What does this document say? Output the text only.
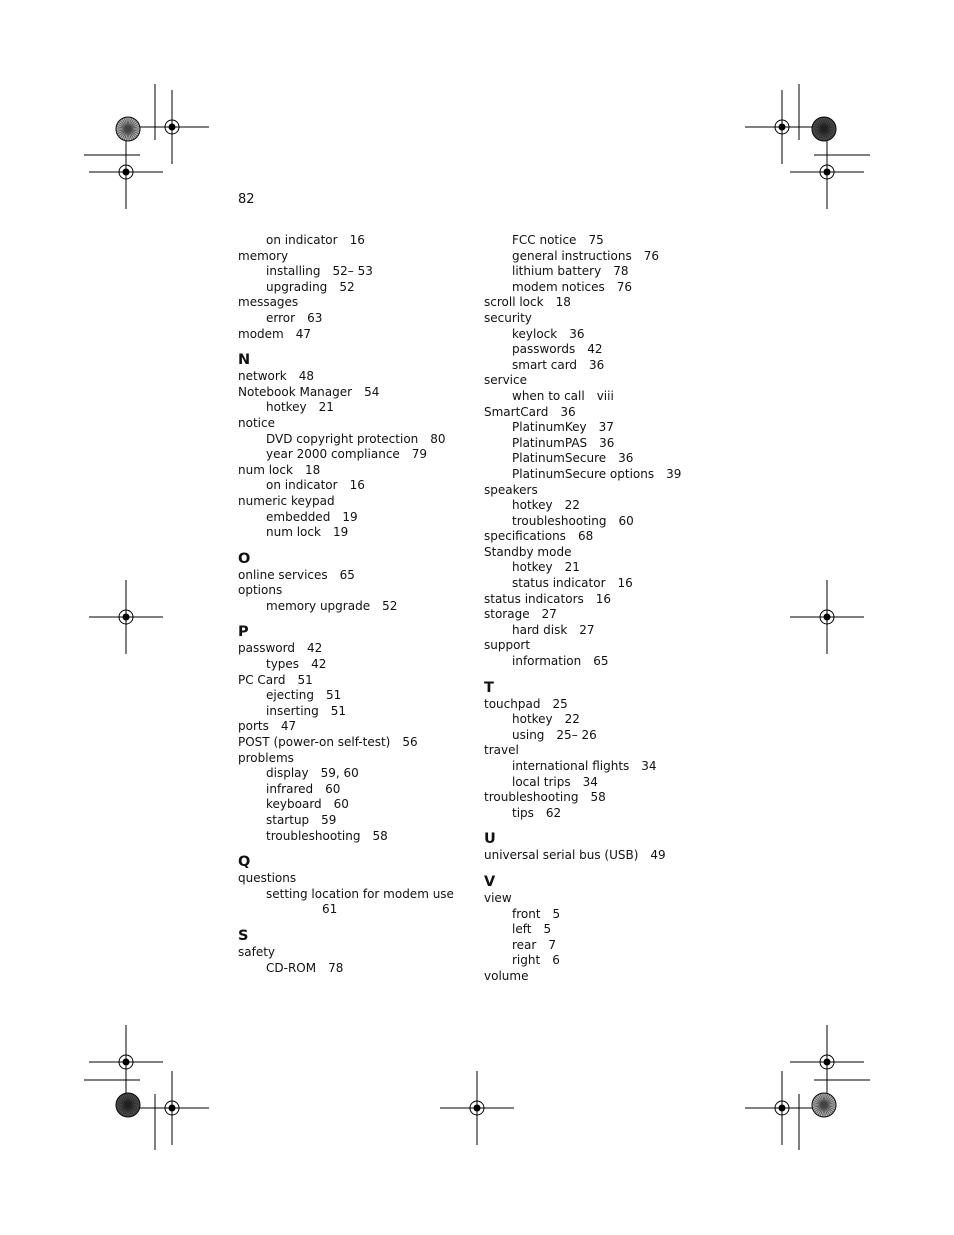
82
on indicator 16
memory
installing 52– 53
upgrading 52
messages
error 63
modem 47
N
network 48
Notebook Manager 54
hotkey 21
notice
DVD copyright protection 80
year 2000 compliance 79
num lock 18
on indicator 16
numeric keypad
embedded 19
num lock 19
O
online services 65
options
memory upgrade 52
P
password 42
types 42
PC Card 51
ejecting 51
inserting 51
ports 47
POST (power-on self-test) 56
problems
display 59, 60
infrared 60
keyboard 60
startup 59
troubleshooting 58
Q
questions
setting location for modem use
61
S
safety
CD-ROM 78
FCC notice 75
general instructions 76
lithium battery 78
modem notices 76
scroll lock 18
security
keylock 36
passwords 42
smart card 36
service
when to call viii
SmartCard 36
PlatinumKey 37
PlatinumPAS 36
PlatinumSecure 36
PlatinumSecure options 39
speakers
hotkey 22
troubleshooting 60
specifications 68
Standby mode
hotkey 21
status indicator 16
status indicators 16
storage 27
hard disk 27
support
information 65
T
touchpad 25
hotkey 22
using 25– 26
travel
international flights 34
local trips 34
troubleshooting 58
tips 62
U
universal serial bus (USB) 49
V
view
front 5
left 5
rear 7
right 6
volume
